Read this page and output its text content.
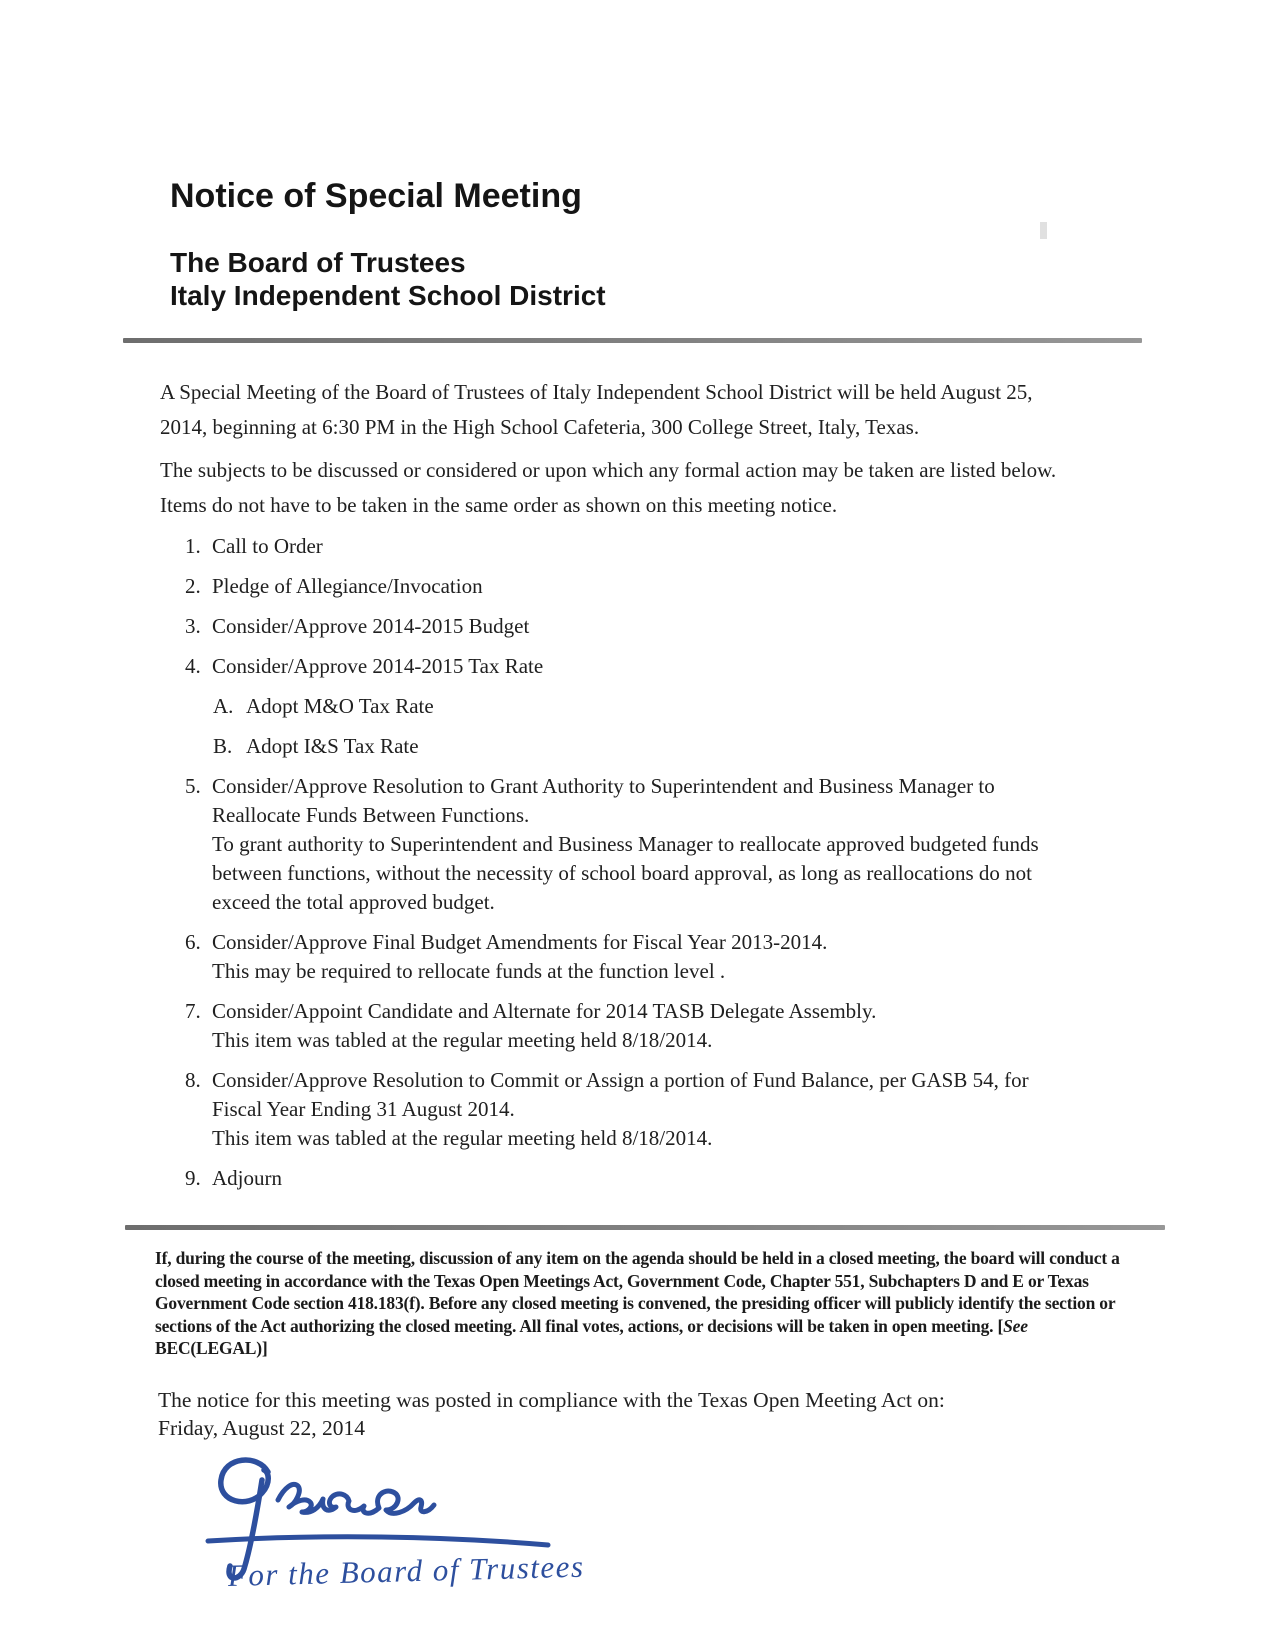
Notice of Special Meeting
The Board of Trustees
Italy Independent School District

A Special Meeting of the Board of Trustees of Italy Independent School District will be held August 25, 2014, beginning at 6:30 PM in the High School Cafeteria, 300 College Street, Italy, Texas.

The subjects to be discussed or considered or upon which any formal action may be taken are listed below. Items do not have to be taken in the same order as shown on this meeting notice.

1. Call to Order
2. Pledge of Allegiance/Invocation
3. Consider/Approve 2014-2015 Budget
4. Consider/Approve 2014-2015 Tax Rate
A. Adopt M&O Tax Rate
B. Adopt I&S Tax Rate
5. Consider/Approve Resolution to Grant Authority to Superintendent and Business Manager to Reallocate Funds Between Functions.
To grant authority to Superintendent and Business Manager to reallocate approved budgeted funds between functions, without the necessity of school board approval, as long as reallocations do not exceed the total approved budget.
6. Consider/Approve Final Budget Amendments for Fiscal Year 2013-2014.
This may be required to rellocate funds at the function level .
7. Consider/Appoint Candidate and Alternate for 2014 TASB Delegate Assembly.
This item was tabled at the regular meeting held 8/18/2014.
8. Consider/Approve Resolution to Commit or Assign a portion of Fund Balance, per GASB 54, for Fiscal Year Ending 31 August 2014.
This item was tabled at the regular meeting held 8/18/2014.
9. Adjourn

If, during the course of the meeting, discussion of any item on the agenda should be held in a closed meeting, the board will conduct a closed meeting in accordance with the Texas Open Meetings Act, Government Code, Chapter 551, Subchapters D and E or Texas Government Code section 418.183(f). Before any closed meeting is convened, the presiding officer will publicly identify the section or sections of the Act authorizing the closed meeting. All final votes, actions, or decisions will be taken in open meeting. [See BEC(LEGAL)]

The notice for this meeting was posted in compliance with the Texas Open Meeting Act on:
Friday, August 22, 2014
For the Board of Trustees
